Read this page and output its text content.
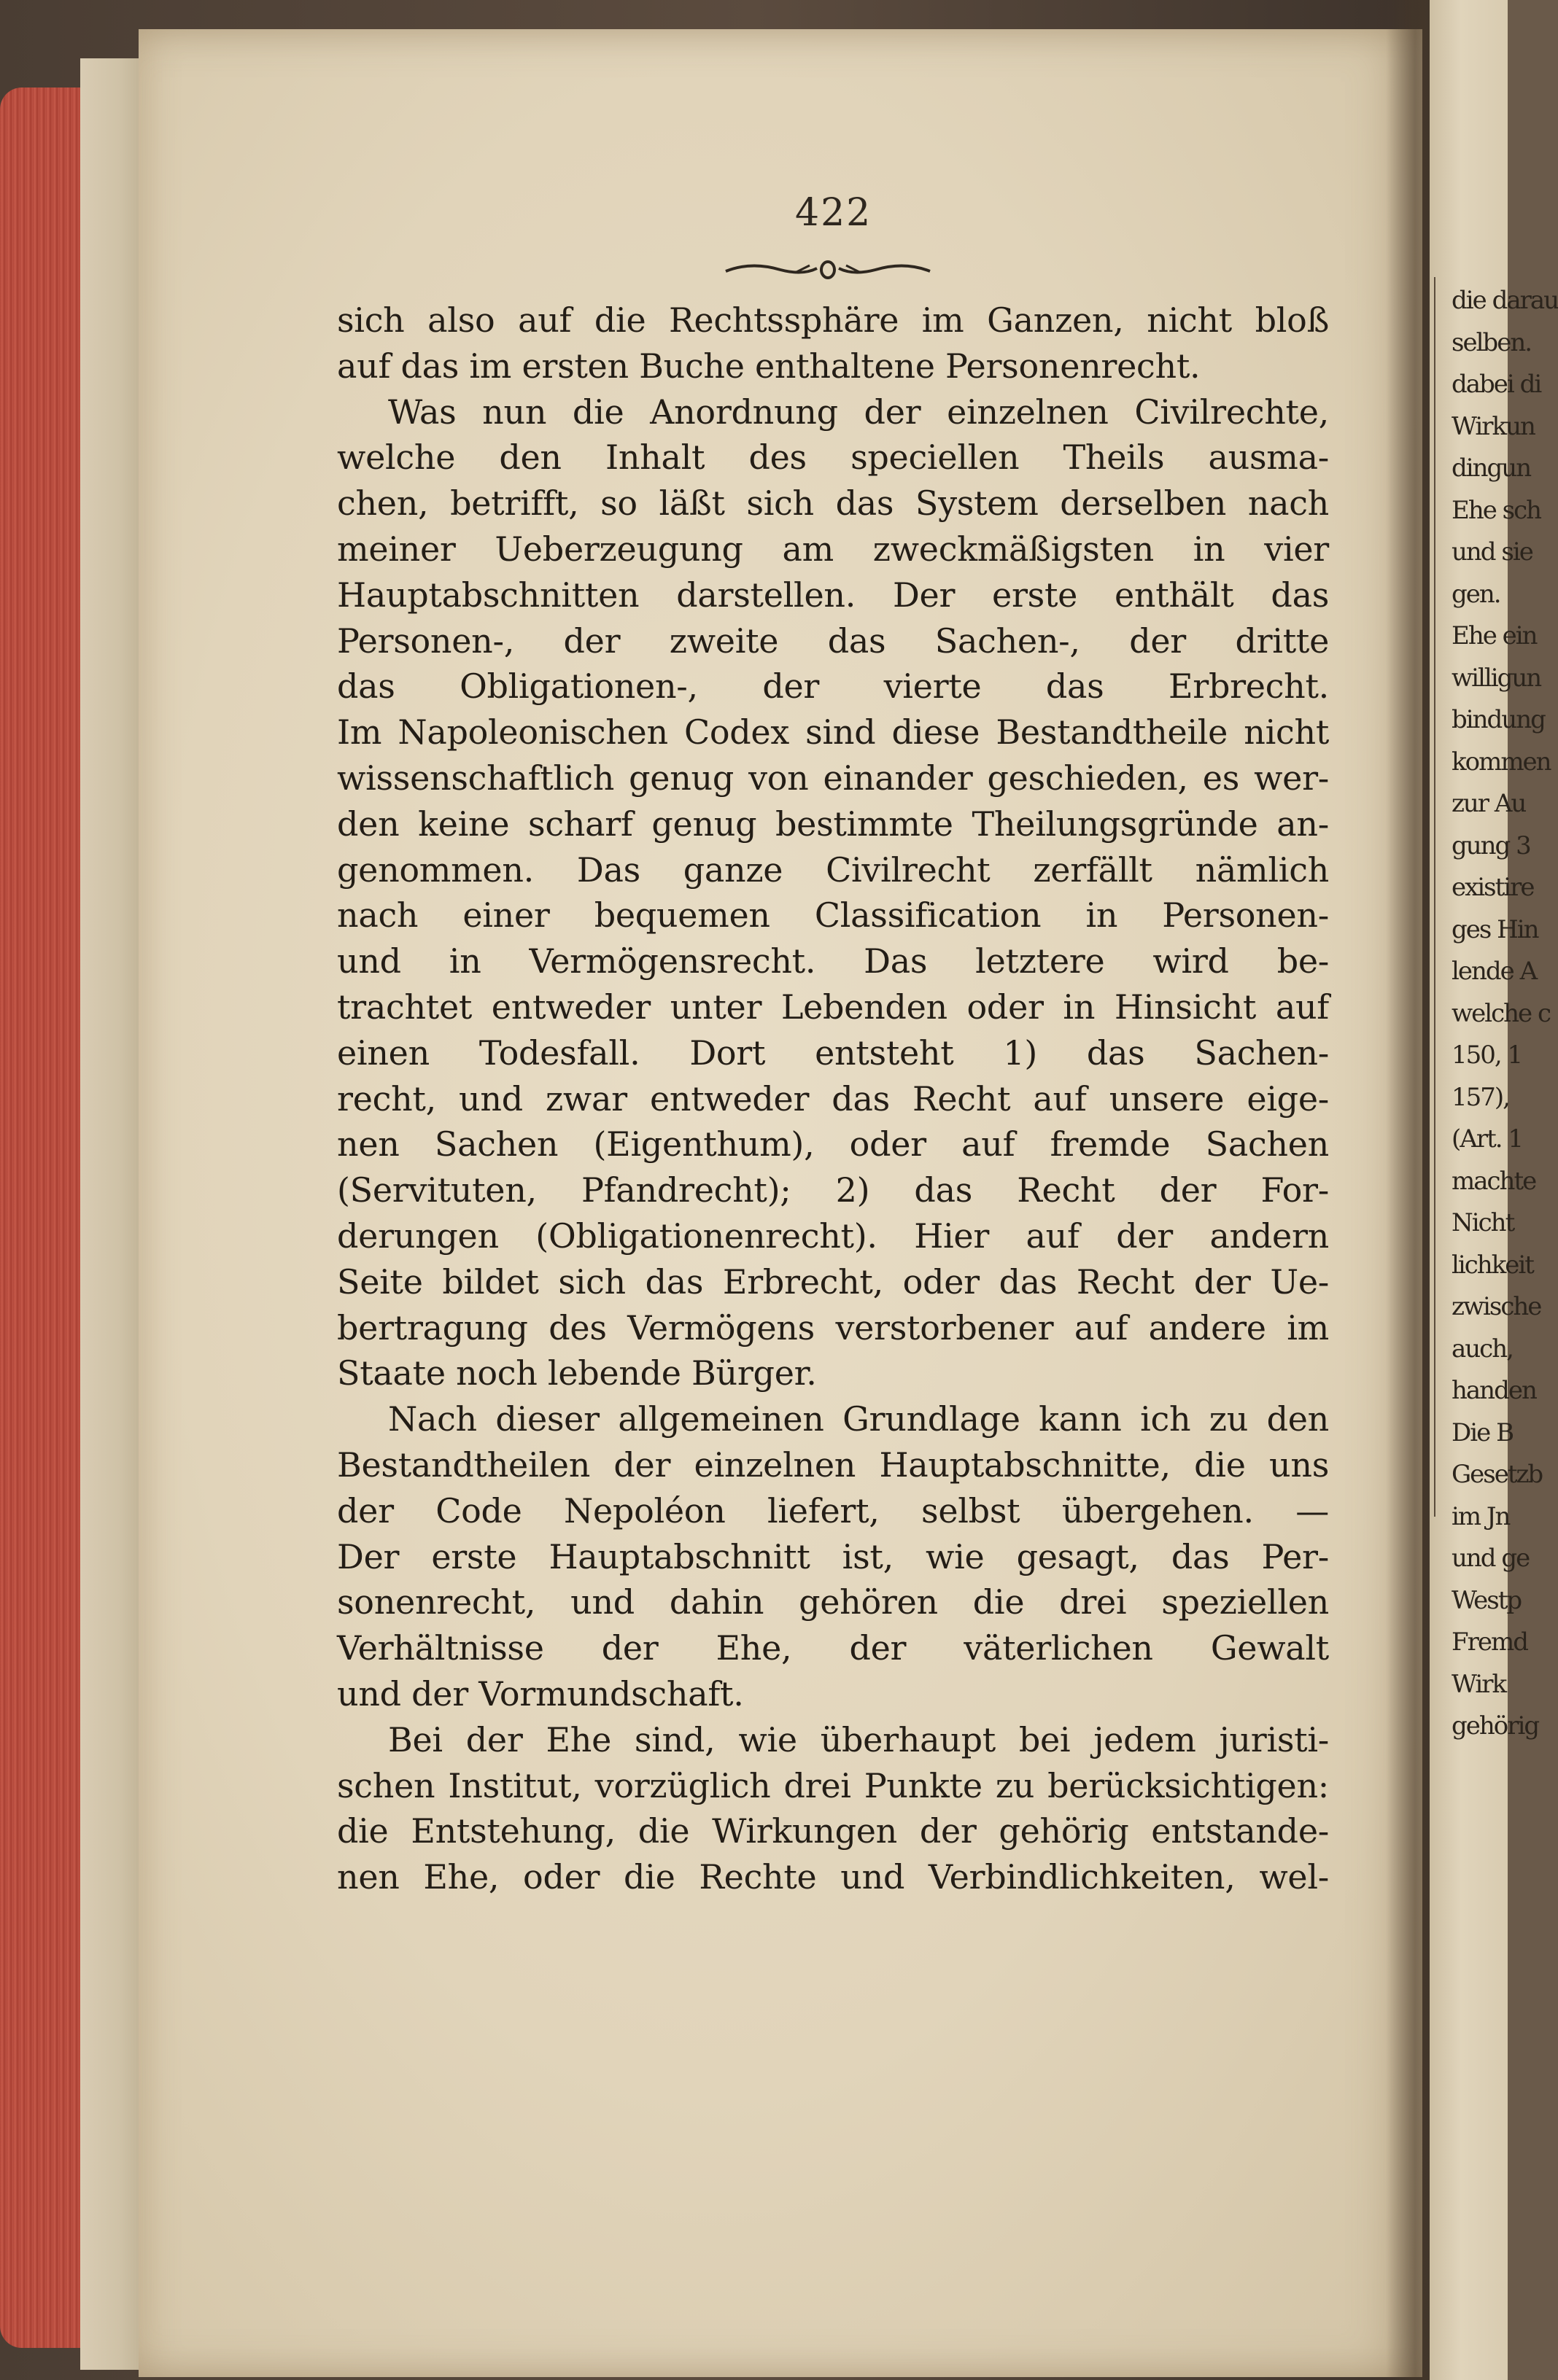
422
sich also auf die Rechtssphäre im Ganzen, nicht bloß
auf das im ersten Buche enthaltene Personenrecht.
Was nun die Anordnung der einzelnen Civilrechte,
welche den Inhalt des speciellen Theils ausma-
chen, betrifft, so läßt sich das System derselben nach
meiner Ueberzeugung am zweckmäßigsten in vier
Hauptabschnitten darstellen. Der erste enthält das
Personen-, der zweite das Sachen-, der dritte
das Obligationen-, der vierte das Erbrecht.
Im Napoleonischen Codex sind diese Bestandtheile nicht
wissenschaftlich genug von einander geschieden, es wer-
den keine scharf genug bestimmte Theilungsgründe an-
genommen. Das ganze Civilrecht zerfällt nämlich
nach einer bequemen Classification in Personen-
und in Vermögensrecht. Das letztere wird be-
trachtet entweder unter Lebenden oder in Hinsicht auf
einen Todesfall. Dort entsteht 1) das Sachen-
recht, und zwar entweder das Recht auf unsere eige-
nen Sachen (Eigenthum), oder auf fremde Sachen
(Servituten, Pfandrecht); 2) das Recht der For-
derungen (Obligationenrecht). Hier auf der andern
Seite bildet sich das Erbrecht, oder das Recht der Ue-
bertragung des Vermögens verstorbener auf andere im
Staate noch lebende Bürger.
Nach dieser allgemeinen Grundlage kann ich zu den
Bestandtheilen der einzelnen Hauptabschnitte, die uns
der Code Nepoléon liefert, selbst übergehen. —
Der erste Hauptabschnitt ist, wie gesagt, das Per-
sonenrecht, und dahin gehören die drei speziellen
Verhältnisse der Ehe, der väterlichen Gewalt
und der Vormundschaft.
Bei der Ehe sind, wie überhaupt bei jedem juristi-
schen Institut, vorzüglich drei Punkte zu berücksichtigen:
die Entstehung, die Wirkungen der gehörig entstande-
nen Ehe, oder die Rechte und Verbindlichkeiten, wel-
die darau
selben.
dabei di
Wirkun
dingun
Ehe sch
und sie
gen.
Ehe ein
willigun
bindung
kommen
zur Au
gung 3
existire
ges Hin
lende A
welche c
150, 1
157),
(Art. 1
machte
Nicht
lichkeit
zwische
auch,
handen
Die B
Gesetzb
im Jn
und ge
Westp
Fremd
Wirk
gehörig
